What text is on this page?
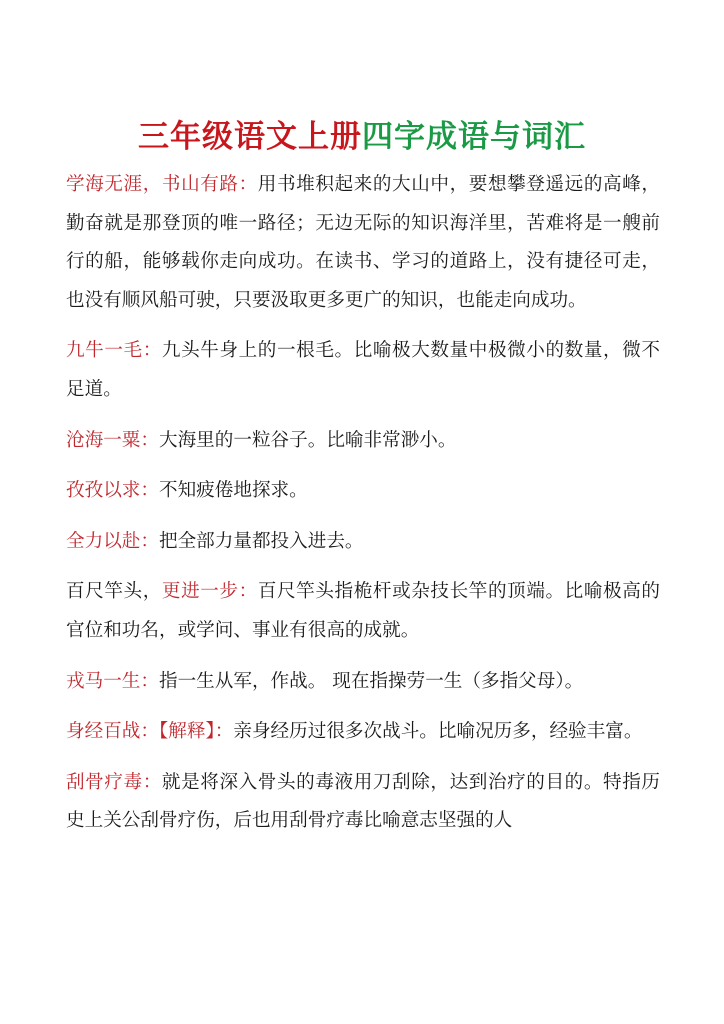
三年级语文上册四字成语与词汇

学海无涯，书山有路：用书堆积起来的大山中，要想攀登遥远的高峰，勤奋就是那登顶的唯一路径；无边无际的知识海洋里，苦难将是一艘前行的船，能够载你走向成功。在读书、学习的道路上，没有捷径可走，也没有顺风船可驶，只要汲取更多更广的知识，也能走向成功。

九牛一毛：九头牛身上的一根毛。比喻极大数量中极微小的数量，微不足道。

沧海一粟：大海里的一粒谷子。比喻非常渺小。

孜孜以求：不知疲倦地探求。

全力以赴：把全部力量都投入进去。

百尺竿头，更进一步：百尺竿头指桅杆或杂技长竿的顶端。比喻极高的官位和功名，或学问、事业有很高的成就。

戎马一生：指一生从军，作战。 现在指操劳一生（多指父母）。

身经百战：【解释】：亲身经历过很多次战斗。比喻况历多，经验丰富。

刮骨疗毒：就是将深入骨头的毒液用刀刮除，达到治疗的目的。特指历史上关公刮骨疗伤，后也用刮骨疗毒比喻意志坚强的人
